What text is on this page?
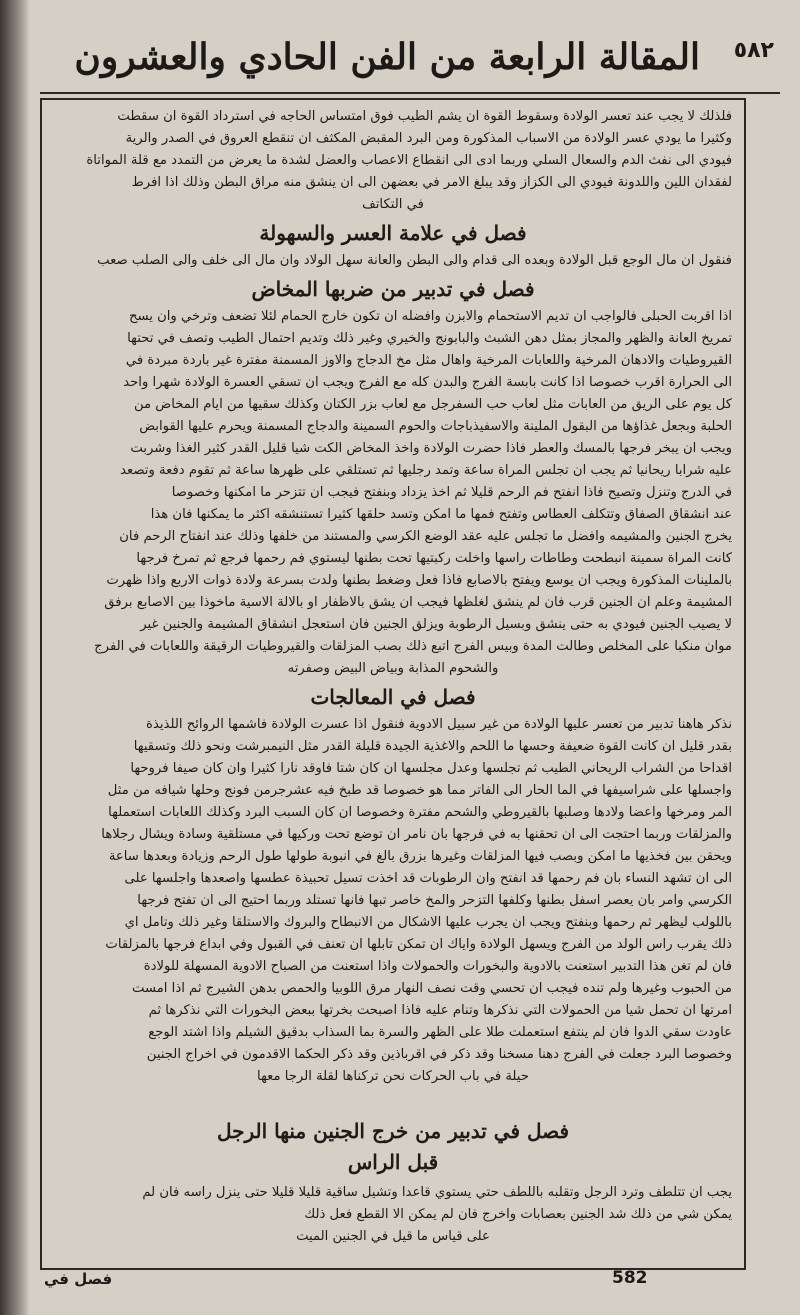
المقالة الرابعة من الفن الحادي والعشرون ٥٨٢

فلذلك لا يجب عند تعسر الولادة وسقوط القوة ان يشم الطيب فوق امتساس الحاجه في استرداد القوة ان سقطت

وكثيرا ما يودي عسر الولادة من الاسباب المذكورة ومن البرد المقبض المكثف ان تنقطع العروق في الصدر والرية

فيودي الى نفث الدم والسعال السلي وربما ادى الى انقطاع الاعصاب والعضل لشدة ما يعرض من التمدد مع قلة المواتاة

لفقدان اللين واللدونة فيودي الى الكزاز وقد يبلغ الامر في بعضهن الى ان ينشق منه مراق البطن وذلك اذا افرط

في التكاتف

فصل في علامة العسر والسهولة

فنقول ان مال الوجع قبل الولادة وبعده الى قدام والى البطن والعانة سهل الولاد وان مال الى خلف والى الصلب صعب

فصل في تدبير من ضربها المخاض

اذا اقربت الحبلى فالواجب ان تديم الاستحمام والابزن وافضله ان تكون خارج الحمام لئلا تضعف وترخي وان يسح

تمريخ العانة والظهر والمجاز بمثل دهن الشبث والبابونج والخيري وغير ذلك وتديم احتمال الطيب وتصف في تحتها

القيروطيات والادهان المرخية واللعابات المرخية واهال مثل مخ الدجاج والاوز المسمنة مفترة غير باردة مبردة في

الى الحرارة اقرب خصوصا اذا كانت بابسة الفرج والبدن كله مع الفرج ويجب ان تسقي العسرة الولادة شهرا واحد

كل يوم على الريق من العابات مثل لعاب حب السفرجل مع لعاب بزر الكتان وكذلك سقيها من ايام المخاض من

الحلبة وبجعل غذاؤها من البقول الملينة والاسفيذباجات والحوم السمينة والدجاج المسمنة ويحرم عليها القوابض

ويجب ان يبخر فرجها بالمسك والعطر فاذا حضرت الولادة واخذ المخاض الكت شيا قليل القدر كثير الغذا وشربت

عليه شرابا ريحانيا ثم يجب ان تجلس المراة ساعة وتمد رجليها ثم تستلقي على ظهرها ساعة ثم تقوم دفعة وتصعد

في الدرج وتنزل وتصيح فاذا انفتح فم الرحم قليلا ثم اخذ يزداد وبنفتح فيجب ان تتزحر ما امكنها وخصوصا

عند انشقاق الصفاق وتتكلف العطاس وتفتح فمها ما امكن وتسد حلقها كثيرا تستنشقه اكثر ما يمكنها فان هذا

يخرج الجنين والمشيمه وافضل ما تجلس عليه عقد الوضع الكرسي والمستند من خلفها وذلك عند انفتاح الرحم فان

كانت المراة سمينة انبطحت وطاطات راسها واخلت ركبتيها تحت بطنها ليستوي فم رحمها فرجع ثم تمرخ فرجها

بالملينات المذكورة ويجب ان يوسع ويفتح بالاصابع فاذا فعل وضغط بطنها ولدت بسرعة ولادة ذوات الاربع واذا ظهرت

المشيمة وعلم ان الجنين قرب فان لم ينشق لغلظها فيجب ان يشق بالاظفار او بالالة الاسية ماخوذا بين الاصابع برفق

لا يصيب الجنين فيودي به حتى ينشق وبسيل الرطوبة ويزلق الجنين فان استعجل انشقاق المشيمة والجنين غير

موان منكبا على المخلص وطالت المدة وبيس الفرج اتبع ذلك بصب المزلقات والقيروطيات الرقيقة واللعابات في الفرج

والشحوم المذابة وبياض البيض وصفرته

فصل في المعالجات

نذكر هاهنا تدبير من تعسر عليها الولادة من غير سبيل الادوية فنقول اذا عسرت الولادة فاشمها الروائح اللذيذة

بقدر قليل ان كانت القوة ضعيفة وحسها ما اللحم والاغذية الجيدة قليلة القدر مثل النيمبرشت ونحو ذلك وتسقيها

اقداحا من الشراب الريحاني الطيب ثم تجلسها وعدل مجلسها ان كان شتا فاوقد نارا كثيرا وان كان صيفا فروحها

واجسلها على شراسيفها في الما الحار الى الفاتر مما هو خصوصا قد طبخ فيه عشرجرمن فونج وحلها شيافه من مثل

المر ومرخها واعضا ولادها وصلبها بالقيروطي والشحم مفترة وخصوصا ان كان السبب البرد وكذلك اللعابات استعملها

والمزلقات وربما احتجت الى ان تحقنها به في فرجها بان نامر ان توضع تحت وركيها في مستلقية وسادة ويشال رجلاها

ويحقن بين فخذيها ما امكن وبصب فيها المزلقات وغيرها بزرق بالغ في انبوبة طولها طول الرحم وزيادة وبعدها ساعة

الى ان تشهد النساء بان فم رحمها قد انفتح وان الرطوبات قد اخذت تسيل تحبيذة عطسها واصعدها واجلسها على

الكرسي وامر بان يعصر اسفل بطنها وكلفها التزحر والمخ خاصر تبها فانها تستلد وربما احتيج الى ان تفتح فرجها

باللولب ليظهر ثم رحمها وبنفتح ويجب ان يجرب عليها الاشكال من الانبطاح والبروك والاستلقا وغير ذلك وتامل اي

ذلك يقرب راس الولد من الفرج ويسهل الولادة واياك ان تمكن تابلها ان تعنف في القبول وفي ابداع فرجها بالمزلقات

فان لم تغن هذا التدبير استعنت بالادوية والبخورات والحمولات واذا استعنت من الصباح الادوية المسهلة للولادة

من الحبوب وغيرها ولم تنده فيجب ان تحسي وقت نصف النهار مرق اللوبيا والحمص بدهن الشيرج ثم اذا امست

امرتها ان تحمل شيا من الحمولات التي نذكرها وتنام عليه فاذا اصبحت بخرتها ببعض البخورات التي نذكرها ثم

عاودت سقي الدوا فان لم ينتفع استعملت طلا على الظهر والسرة بما السذاب بدقيق الشيلم واذا اشتد الوجع

وخصوصا البرد جعلت في الفرج دهنا مسخنا وقد ذكر في اقرباذين وقد ذكر الحكما الاقدمون في اخراج الجنين

حيلة في باب الحركات نحن تركناها لقلة الرجا معها

فصل في تدبير من خرج الجنين منها الرجل
قبل الراس

يجب ان تتلطف وترد الرجل وتقلبه باللطف حتي يستوي قاعدا وتشيل ساقية قليلا قليلا حتى ينزل راسه فان لم

يمكن شي من ذلك شد الجنين بعصابات واخرج فان لم يمكن الا القطع فعل ذلك

على قياس ما قيل في الجنين الميت

فصل في	582
